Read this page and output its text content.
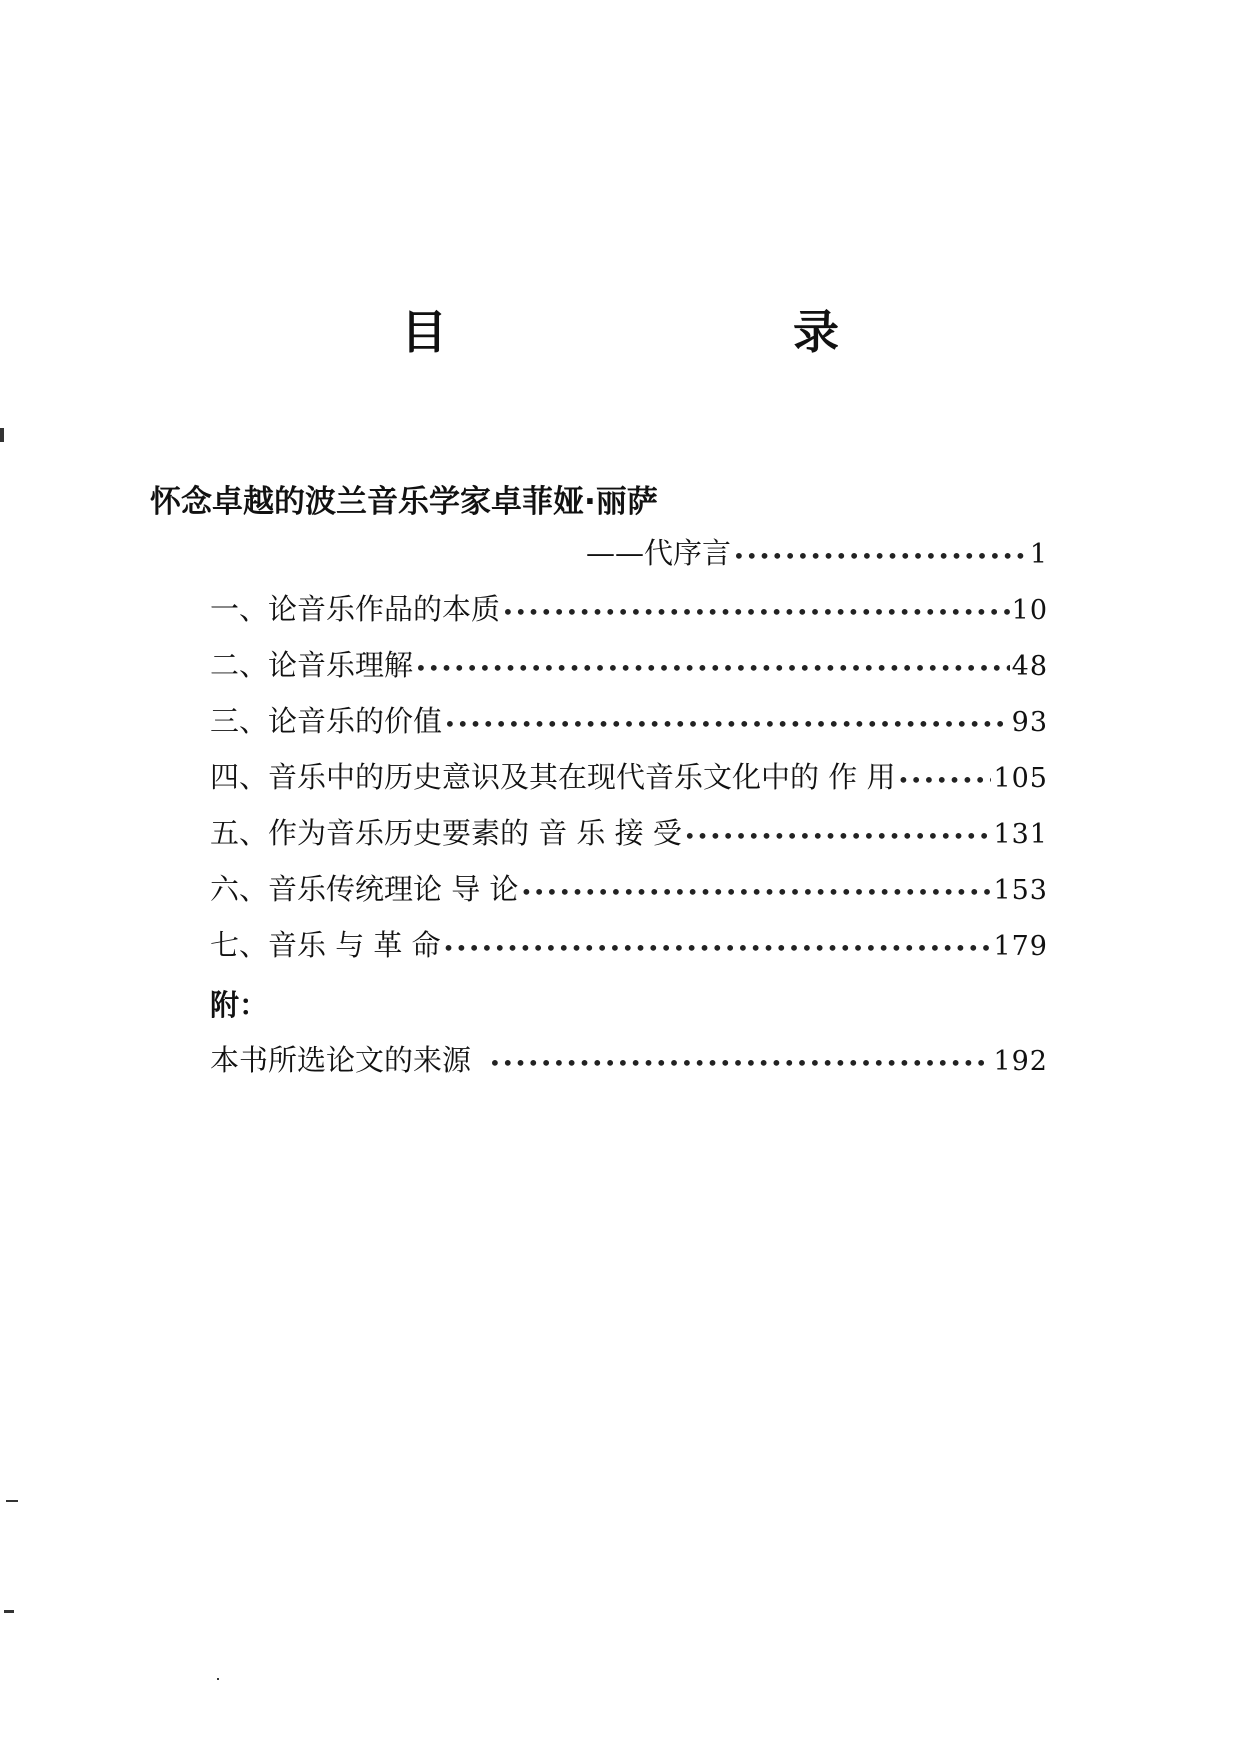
目　录
怀念卓越的波兰音乐学家卓菲娅·丽萨
——代序言 •••••	1
一、论音乐作品的本质 •••••	10
二、论音乐理解 •••••	48
三、论音乐的价值 •••••	93
四、音乐中的历史意识及其在现代音乐文化中的 作 用 •••••	105
五、作为音乐历史要素的 音 乐 接 受 •••••	131
六、音乐传统理论 导 论 •••••	153
七、音乐 与 革 命 •••••	179
附：
本书所选论文的来源 •••••	192
